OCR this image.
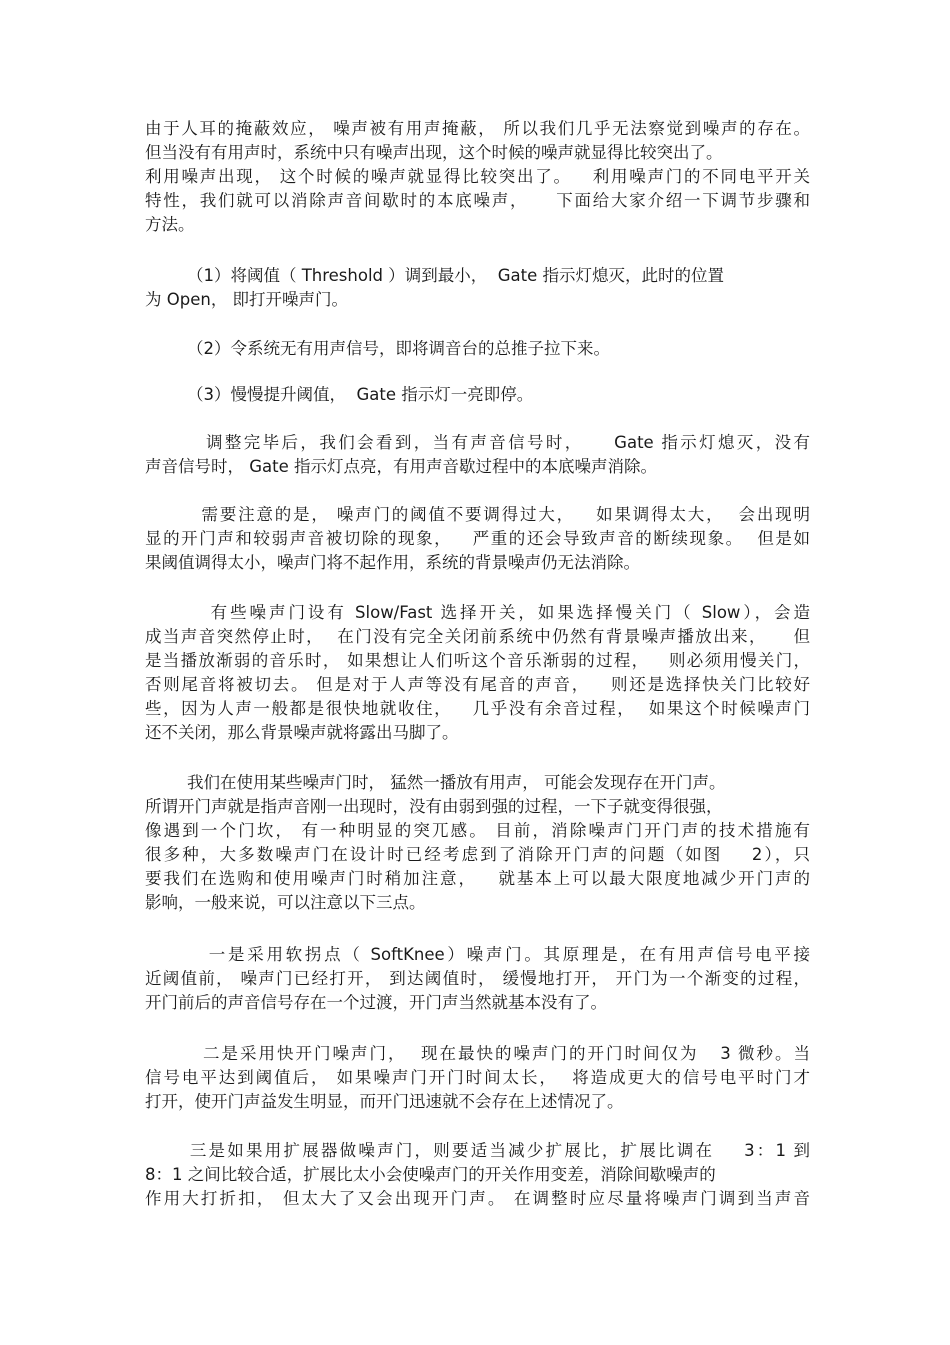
由于人耳的掩蔽效应， 噪声被有用声掩蔽， 所以我们几乎无法察觉到噪声的存在。
但当没有有用声时，系统中只有噪声出现，这个时候的噪声就显得比较突出了。
利用噪声出现， 这个时候的噪声就显得比较突出了。   利用噪声门的不同电平开关
特性，我们就可以消除声音间歇时的本底噪声，    下面给大家介绍一下调节步骤和
方法。
（1）将阈值（ Threshold ）调到最小，  Gate 指示灯熄灭，此时的位置
为 Open， 即打开噪声门。
（2）令系统无有用声信号，即将调音台的总推子拉下来。
（3）慢慢提升阈值，  Gate 指示灯一亮即停。
调整完毕后，我们会看到，当有声音信号时，    Gate 指示灯熄灭，没有
声音信号时， Gate 指示灯点亮，有用声音歇过程中的本底噪声消除。
需要注意的是， 噪声门的阈值不要调得过大，   如果调得太大，  会出现明
显的开门声和较弱声音被切除的现象，   严重的还会导致声音的断续现象。  但是如
果阈值调得太小，噪声门将不起作用，系统的背景噪声仍无法消除。
有些噪声门设有 Slow/Fast 选择开关，如果选择慢关门（ Slow），会造
成当声音突然停止时，  在门没有完全关闭前系统中仍然有背景噪声播放出来，    但
是当播放渐弱的音乐时， 如果想让人们听这个音乐渐弱的过程，   则必须用慢关门，
否则尾音将被切去。 但是对于人声等没有尾音的声音，   则还是选择快关门比较好
些，因为人声一般都是很快地就收住，   几乎没有余音过程，  如果这个时候噪声门
还不关闭，那么背景噪声就将露出马脚了。
我们在使用某些噪声门时， 猛然一播放有用声， 可能会发现存在开门声。
所谓开门声就是指声音刚一出现时，没有由弱到强的过程，一下子就变得很强，
像遇到一个门坎， 有一种明显的突兀感。 目前，消除噪声门开门声的技术措施有
很多种，大多数噪声门在设计时已经考虑到了消除开门声的问题（如图    2），只
要我们在选购和使用噪声门时稍加注意，   就基本上可以最大限度地减少开门声的
影响，一般来说，可以注意以下三点。
一是采用软拐点（ SoftKnee）噪声门。其原理是，在有用声信号电平接
近阈值前， 噪声门已经打开， 到达阈值时， 缓慢地打开， 开门为一个渐变的过程，
开门前后的声音信号存在一个过渡，开门声当然就基本没有了。
二是采用快开门噪声门，  现在最快的噪声门的开门时间仅为   3 微秒。当
信号电平达到阈值后， 如果噪声门开门时间太长，  将造成更大的信号电平时门才
打开，使开门声益发生明显，而开门迅速就不会存在上述情况了。
三是如果用扩展器做噪声门，则要适当减少扩展比，扩展比调在    3：1 到
8：1 之间比较合适，扩展比太小会使噪声门的开关作用变差，消除间歇噪声的
作用大打折扣， 但太大了又会出现开门声。 在调整时应尽量将噪声门调到当声音
